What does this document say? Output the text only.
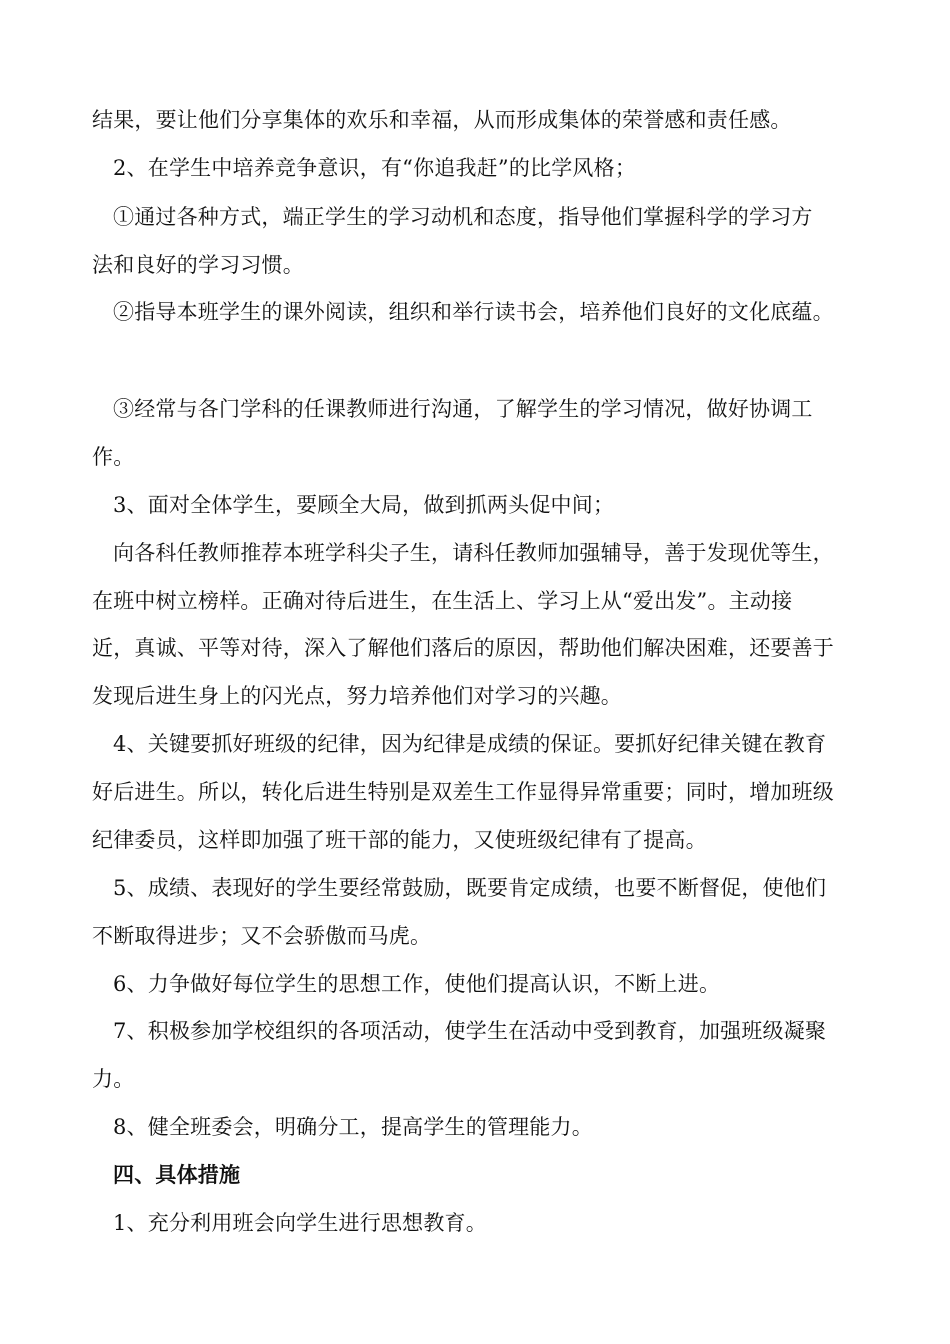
结果，要让他们分享集体的欢乐和幸福，从而形成集体的荣誉感和责任感。
2、在学生中培养竞争意识，有“你追我赶”的比学风格；
①通过各种方式，端正学生的学习动机和态度，指导他们掌握科学的学习方
法和良好的学习习惯。
②指导本班学生的课外阅读，组织和举行读书会，培养他们良好的文化底蕴。
③经常与各门学科的任课教师进行沟通，了解学生的学习情况，做好协调工
作。
3、面对全体学生，要顾全大局，做到抓两头促中间；
向各科任教师推荐本班学科尖子生，请科任教师加强辅导，善于发现优等生，
在班中树立榜样。正确对待后进生，在生活上、学习上从“爱出发”。主动接
近，真诚、平等对待，深入了解他们落后的原因，帮助他们解决困难，还要善于
发现后进生身上的闪光点，努力培养他们对学习的兴趣。
4、关键要抓好班级的纪律，因为纪律是成绩的保证。要抓好纪律关键在教育
好后进生。所以，转化后进生特别是双差生工作显得异常重要；同时，增加班级
纪律委员，这样即加强了班干部的能力，又使班级纪律有了提高。
5、成绩、表现好的学生要经常鼓励，既要肯定成绩，也要不断督促，使他们
不断取得进步；又不会骄傲而马虎。
6、力争做好每位学生的思想工作，使他们提高认识，不断上进。
7、积极参加学校组织的各项活动，使学生在活动中受到教育，加强班级凝聚
力。
8、健全班委会，明确分工，提高学生的管理能力。
四、具体措施
1、充分利用班会向学生进行思想教育。
